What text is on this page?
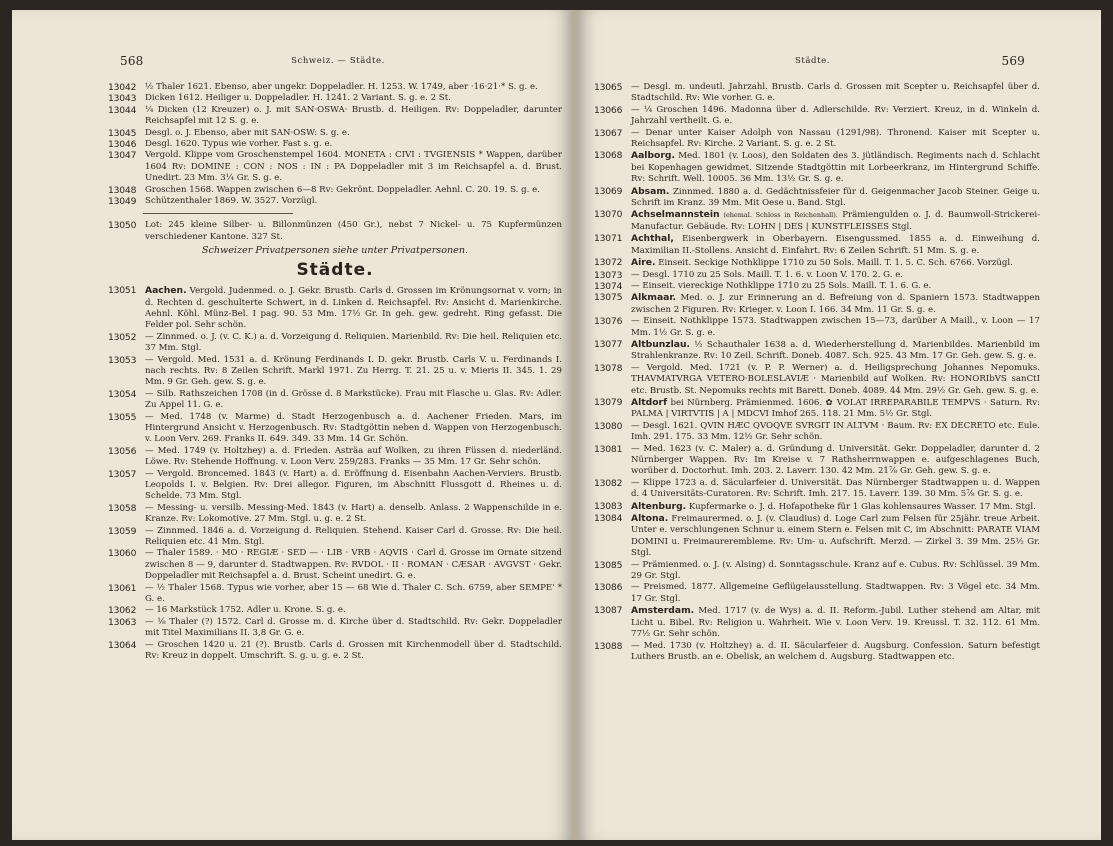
568	Schweiz. — Städte.
13042 ½ Thaler 1621. Ebenso, aber ungekr. Doppeladler. H. 1253. W. 1749, aber ·16·21·* S. g. e.
13043 Dicken 1612. Heiliger u. Doppeladler. H. 1241. 2 Variant. S. g. e. 2 St.
13044 ¼ Dicken (12 Kreuzer) o. J. mit SAN·OSWA· Brustb. d. Heiligen. Rv: Doppeladler, darunter Reichsapfel mit 12 S. g. e.
13045 Desgl. o. J. Ebenso, aber mit SAN·OSW: S. g. e.
13046 Desgl. 1620. Typus wie vorher. Fast s. g. e.
13047 Vergold. Klippe vom Groschenstempel 1604. MONETA : CIVI : TVGIENSIS * Wappen, darüber 1604 Rv: DOMINE : CON : NOS : IN : PA Doppeladler mit 3 im Reichsapfel a. d. Brust. Unedirt. 23 Mm. 3¼ Gr. S. g. e.
13048 Groschen 1568. Wappen zwischen 6—8 Rv: Gekrönt. Doppeladler. Aehnl. C. 20. 19. S. g. e.
13049 Schützenthaler 1869. W. 3527. Vorzügl.
13050 Lot: 245 kleine Silber- u. Billonmünzen (450 Gr.), nebst 7 Nickel- u. 75 Kupfermünzen verschiedener Kantone. 327 St.
Schweizer Privatpersonen siehe unter Privatpersonen.
Städte.
13051 Aachen. Vergold. Judenmed. o. J. Gekr. Brustb. Carls d. Grossen im Krönungsornat v. vorn; in d. Rechten d. geschulterte Schwert, in d. Linken d. Reichsapfel. Rv: Ansicht d. Marienkirche. Aehnl. Köhl. Münz-Bel. I pag. 90. 53 Mm. 17½ Gr. In geh. gew. gedreht. Ring gefasst. Die Felder pol. Sehr schön.
13052 — Zinnmed. o. J. (v. C. K.) a. d. Vorzeigung d. Reliquien. Marienbild. Rv: Die heil. Reliquien etc. 37 Mm. Stgl.
13053 — Vergold. Med. 1531 a. d. Krönung Ferdinands I. D. gekr. Brustb. Carls V. u. Ferdinands I. nach rechts. Rv: 8 Zeilen Schrift. Markl 1971. Zu Herrg. T. 21. 25 u. v. Mieris II. 345. 1. 29 Mm. 9 Gr. Geh. gew. S. g. e.
13054 — Silb. Rathszeichen 1708 (in d. Grösse d. 8 Markstücke). Frau mit Flasche u. Glas. Rv: Adler. Zu Appel 11. G. e.
13055 — Med. 1748 (v. Marme) d. Stadt Herzogenbusch a. d. Aachener Frieden. Mars, im Hintergrund Ansicht v. Herzogenbusch. Rv: Stadtgöttin neben d. Wappen von Herzogenbusch. v. Loon Verv. 269. Franks II. 649. 349. 33 Mm. 14 Gr. Schön.
13056 — Med. 1749 (v. Holtzhey) a. d. Frieden. Asträa auf Wolken, zu ihren Füssen d. niederländ. Löwe. Rv: Stehende Hoffnung. v. Loon Verv. 259/283. Franks — 35 Mm. 17 Gr. Sehr schön.
13057 — Vergold. Broncemed. 1843 (v. Hart) a. d. Eröffnung d. Eisenbahn Aachen-Verviers. Brustb. Leopolds I. v. Belgien. Rv: Drei allegor. Figuren, im Abschnitt Flussgott d. Rheines u. d. Schelde. 73 Mm. Stgl.
13058 — Messing- u. versilb. Messing-Med. 1843 (v. Hart) a. denselb. Anlass. 2 Wappenschilde in e. Kranze. Rv: Lokomotive. 27 Mm. Stgl. u. g. e. 2 St.
13059 — Zinnmed. 1846 a. d. Vorzeigung d. Reliquien. Stehend. Kaiser Carl d. Grosse. Rv: Die heil. Reliquien etc. 41 Mm. Stgl.
13060 — Thaler 1589. · MO · REGIÆ · SED — · LIB · VRB · AQVIS · Carl d. Grosse im Ornate sitzend zwischen 8 — 9, darunter d. Stadtwappen. Rv: RVDOL · II · ROMAN · CÆSAR · AVGVST · Gekr. Doppeladler mit Reichsapfel a. d. Brust. Scheint unedirt. G. e.
13061 — ½ Thaler 1568. Typus wie vorher, aber 15 — 68 Wie d. Thaler C. Sch. 6759, aber SEMPE' * G. e.
13062 — 16 Markstück 1752. Adler u. Krone. S. g. e.
13063 — ⅛ Thaler (?) 1572. Carl d. Grosse m. d. Kirche über d. Stadtschild. Rv: Gekr. Doppeladler mit Titel Maximilians II. 3,8 Gr. G. e.
13064 — Groschen 1420 u. 21 (?). Brustb. Carls d. Grossen mit Kirchenmodell über d. Stadtschild. Rv: Kreuz in doppelt. Umschrift. S. g. u. g. e. 2 St.
Städte.	569
13065 — Desgl. m. undeutl. Jahrzahl. Brustb. Carls d. Grossen mit Scepter u. Reichsapfel über d. Stadtschild. Rv: Wie vorher. G. e.
13066 — ¼ Groschen 1496. Madonna über d. Adlerschilde. Rv: Verziert. Kreuz, in d. Winkeln d. Jahrzahl vertheilt. G. e.
13067 — Denar unter Kaiser Adolph von Nassau (1291/98). Thronend. Kaiser mit Scepter u. Reichsapfel. Rv: Kirche. 2 Variant. S. g. e. 2 St.
13068 Aalborg. Med. 1801 (v. Loos), den Soldaten des 3. jütländisch. Regiments nach d. Schlacht bei Kopenhagen gewidmet. Sitzende Stadtgöttin mit Lorbeerkranz, im Hintergrund Schiffe. Rv: Schrift. Well. 10005. 36 Mm. 13½ Gr. S. g. e.
13069 Absam. Zinnmed. 1880 a. d. Gedächtnissfeier für d. Geigenmacher Jacob Steiner. Geige u. Schrift im Kranz. 39 Mm. Mit Oese u. Band. Stgl.
13070 Achselmannstein (ehemal. Schloss in Reichenhall). Prämiengulden o. J. d. Baumwoll-Strickerei-Manufactur. Gebäude. Rv: LOHN | DES | KUNSTFLEISSES Stgl.
13071 Achthal, Eisenbergwerk in Oberbayern. Eisengussmed. 1855 a. d. Einweihung d. Maximilian II.-Stollens. Ansicht d. Einfahrt. Rv: 6 Zeilen Schrift. 51 Mm. S. g. e.
13072 Aire. Einseit. Seckige Nothklippe 1710 zu 50 Sols. Maill. T. 1. 5. C. Sch. 6766. Vorzügl.
13073 — Desgl. 1710 zu 25 Sols. Maill. T. 1. 6. v. Loon V. 170. 2. G. e.
13074 — Einseit. viereckige Nothklippe 1710 zu 25 Sols. Maill. T. 1. 6. G. e.
13075 Alkmaar. Med. o. J. zur Erinnerung an d. Befreiung von d. Spaniern 1573. Stadtwappen zwischen 2 Figuren. Rv: Krieger. v. Loon I. 166. 34 Mm. 11 Gr. S. g. e.
13076 — Einseit. Nothklippe 1573. Stadtwappen zwischen 15—73, darüber A Maill., v. Loon — 17 Mm. 1½ Gr. S. g. e.
13077 Altbunzlau. ½ Schauthaler 1638 a. d. Wiederherstellung d. Marienbildes. Marienbild im Strahlenkranze. Rv: 10 Zeil. Schrift. Doneb. 4087. Sch. 925. 43 Mm. 17 Gr. Geh. gew. S. g. e.
13078 — Vergold. Med. 1721 (v. P. P. Werner) a. d. Heiligsprechung Johannes Nepomuks. THAVMATVRGA VETERO·BOLESLAVIÆ · Marienbild auf Wolken. Rv: HONORIbVS sanCtI etc. Brustb. St. Nepomuks rechts mit Barett. Doneb. 4089. 44 Mm. 29½ Gr. Geh. gew. S. g. e.
13079 Altdorf bei Nürnberg. Prämienmed. 1606. ✿ VOLAT IRREPARABILE TEMPVS · Saturn. Rv: PALMA | VIRTVTIS | A | MDCVI Imhof 265. 118. 21 Mm. 5½ Gr. Stgl.
13080 — Desgl. 1621. QVIN HÆC QVOQVE SVRGIT IN ALTVM · Baum. Rv: EX DECRETO etc. Eule. Imh. 291. 175. 33 Mm. 12½ Gr. Sehr schön.
13081 — Med. 1623 (v. C. Maler) a. d. Gründung d. Universität. Gekr. Doppeladler, darunter d. 2 Nürnberger Wappen. Rv: Im Kreise v. 7 Rathsherrnwappen e. aufgeschlagenes Buch, worüber d. Doctorhut. Imh. 203. 2. Laverr. 130. 42 Mm. 21⅞ Gr. Geh. gew. S. g. e.
13082 — Klippe 1723 a. d. Säcularfeier d. Universität. Das Nürnberger Stadtwappen u. d. Wappen d. 4 Universitäts-Curatoren. Rv: Schrift. Imh. 217. 15. Laverr. 139. 30 Mm. 5⅞ Gr. S. g. e.
13083 Altenburg. Kupfermarke o. J. d. Hofapotheke für 1 Glas kohlensaures Wasser. 17 Mm. Stgl.
13084 Altona. Freimaurermed. o. J. (v. Claudius) d. Loge Carl zum Felsen für 25jähr. treue Arbeit. Unter e. verschlungenen Schnur u. einem Stern e. Felsen mit C, im Abschnitt: PARATE VIAM DOMINI u. Freimaurerembleme. Rv: Um- u. Aufschrift. Merzd. — Zirkel 3. 39 Mm. 25½ Gr. Stgl.
13085 — Prämienmed. o. J. (v. Alsing) d. Sonntagsschule. Kranz auf e. Cubus. Rv: Schlüssel. 39 Mm. 29 Gr. Stgl.
13086 — Preismed. 1877. Allgemeine Geflügelausstellung. Stadtwappen. Rv: 3 Vögel etc. 34 Mm. 17 Gr. Stgl.
13087 Amsterdam. Med. 1717 (v. de Wys) a. d. II. Reform.-Jubil. Luther stehend am Altar, mit Licht u. Bibel. Rv: Religion u. Wahrheit. Wie v. Loon Verv. 19. Kreussl. T. 32. 112. 61 Mm. 77½ Gr. Sehr schön.
13088 — Med. 1730 (v. Holtzhey) a. d. II. Säcularfeier d. Augsburg. Confession. Saturn befestigt Luthers Brustb. an e. Obelisk, an welchem d. Augsburg. Stadtwappen etc.
